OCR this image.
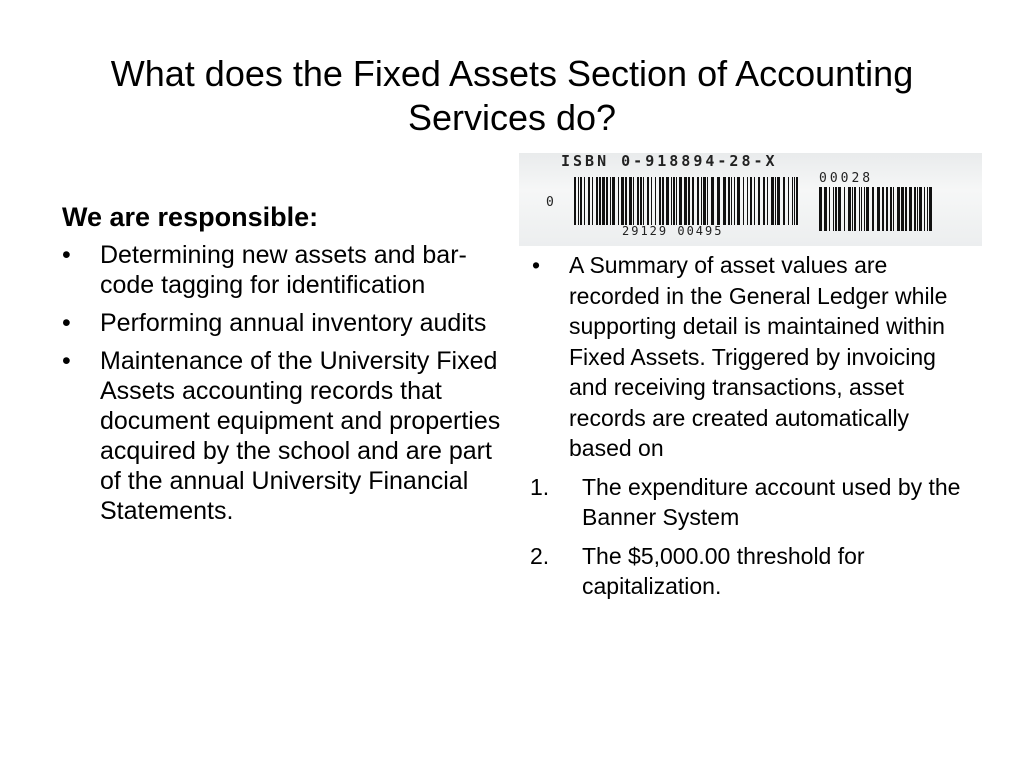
What does the Fixed Assets Section of Accounting Services do?
We are responsible:
• Determining new assets and bar-code tagging for identification
• Performing annual inventory audits
• Maintenance of the University Fixed Assets accounting records that document equipment and properties acquired by the school and are part of the annual University Financial Statements.
ISBN 0-918894-28-X
00028
0
29129 00495
• A Summary of asset values are recorded in the General Ledger while supporting detail is maintained within Fixed Assets. Triggered by invoicing and receiving transactions, asset records are created automatically based on
1. The expenditure account used by the Banner System
2. The $5,000.00 threshold for capitalization.
